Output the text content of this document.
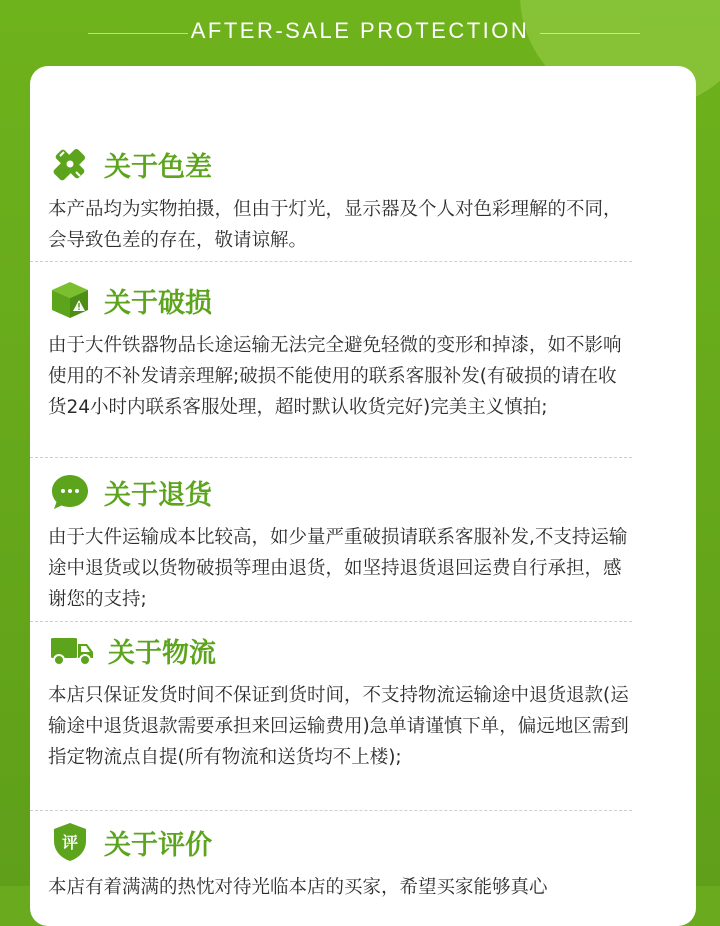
AFTER-SALE PROTECTION
关于色差
本产品均为实物拍摄，但由于灯光，显示器及个人对色彩理解的不同，会导致色差的存在，敬请谅解。
关于破损
由于大件铁器物品长途运输无法完全避免轻微的变形和掉漆，如不影响使用的不补发请亲理解;破损不能使用的联系客服补发(有破损的请在收货24小时内联系客服处理，超时默认收货完好)完美主义慎拍;
关于退货
由于大件运输成本比较高，如少量严重破损请联系客服补发,不支持运输途中退货或以货物破损等理由退货，如坚持退货退回运费自行承担，感谢您的支持;
关于物流
本店只保证发货时间不保证到货时间，不支持物流运输途中退货退款(运输途中退货退款需要承担来回运输费用)急单请谨慎下单，偏远地区需到指定物流点自提(所有物流和送货均不上楼);
评 关于评价
本店有着满满的热忱对待光临本店的买家，希望买家能够真心
